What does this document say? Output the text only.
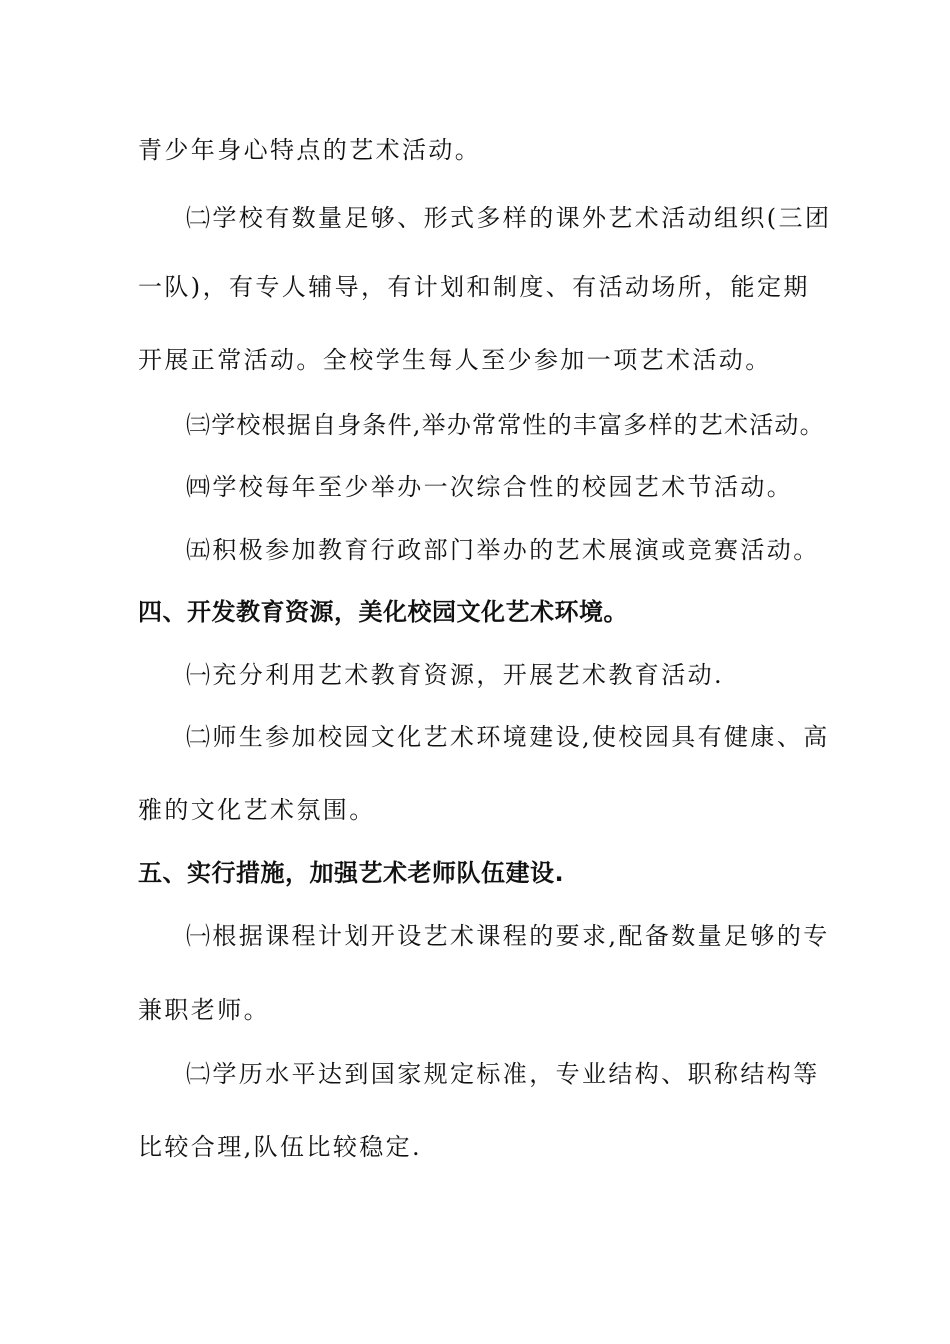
青少年身心特点的艺术活动。
㈡学校有数量足够、形式多样的课外艺术活动组织(三团
一队)，有专人辅导，有计划和制度、有活动场所，能定期
开展正常活动。全校学生每人至少参加一项艺术活动。
㈢学校根据自身条件,举办常常性的丰富多样的艺术活动。
㈣学校每年至少举办一次综合性的校园艺术节活动。
㈤积极参加教育行政部门举办的艺术展演或竞赛活动。
四、开发教育资源，美化校园文化艺术环境。
㈠充分利用艺术教育资源，开展艺术教育活动.
㈡师生参加校园文化艺术环境建设,使校园具有健康、高
雅的文化艺术氛围。
五、实行措施，加强艺术老师队伍建设.
㈠根据课程计划开设艺术课程的要求,配备数量足够的专
兼职老师。
㈡学历水平达到国家规定标准，专业结构、职称结构等
比较合理,队伍比较稳定.
